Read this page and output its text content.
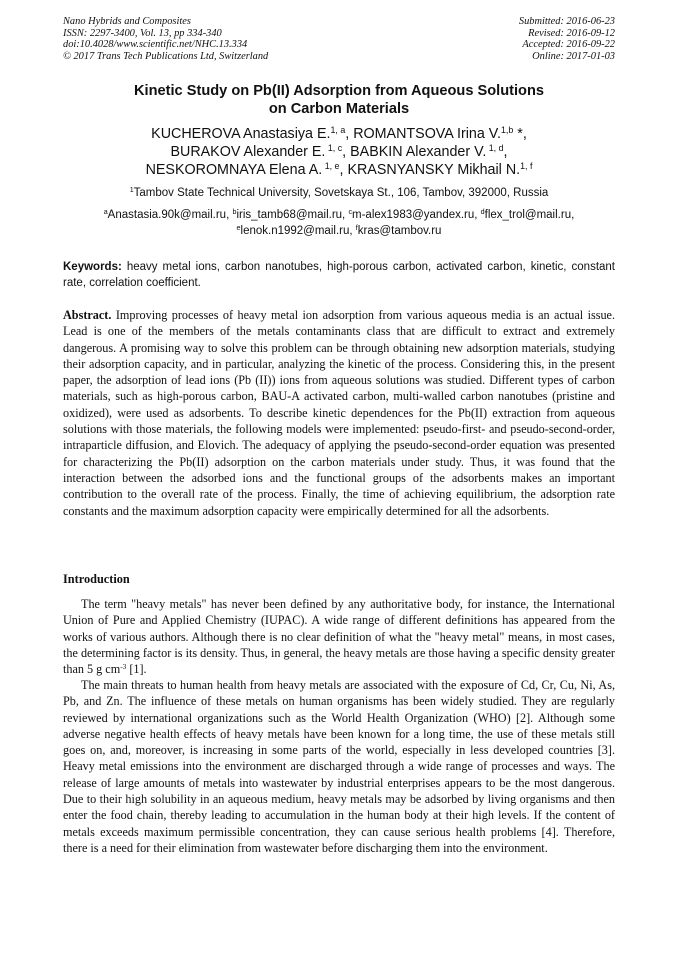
Nano Hybrids and Composites
ISSN: 2297-3400, Vol. 13, pp 334-340
doi:10.4028/www.scientific.net/NHC.13.334
© 2017 Trans Tech Publications Ltd, Switzerland
Submitted: 2016-06-23
Revised: 2016-09-12
Accepted: 2016-09-22
Online: 2017-01-03
Kinetic Study on Pb(II) Adsorption from Aqueous Solutions
on Carbon Materials
KUCHEROVA Anastasiya E.$^{1, a}$, ROMANTSOVA Irina V.$^{1,b}$ *,
BURAKOV Alexander E. $^{1, c}$, BABKIN Alexander V. $^{1, d}$,
NESKOROMNAYA Elena A. $^{1, e}$, KRASNYANSKY Mikhail N.$^{1, f}$
$^1$Tambov State Technical University, Sovetskaya St., 106, Tambov, 392000, Russia
$^a$Anastasia.90k@mail.ru, $^b$iris_tamb68@mail.ru, $^c$m-alex1983@yandex.ru, $^d$flex_trol@mail.ru,
$^e$lenok.n1992@mail.ru, $^f$kras@tambov.ru
Keywords: heavy metal ions, carbon nanotubes, high-porous carbon, activated carbon, kinetic, constant rate, correlation coefficient.
Abstract. Improving processes of heavy metal ion adsorption from various aqueous media is an actual issue. Lead is one of the members of the metals contaminants class that are difficult to extract and extremely dangerous. A promising way to solve this problem can be through obtaining new adsorption materials, studying their adsorption capacity, and in particular, analyzing the kinetic of the process. Considering this, in the present paper, the adsorption of lead ions (Pb (II)) ions from aqueous solutions was studied. Different types of carbon materials, such as high-porous carbon, BAU-A activated carbon, multi-walled carbon nanotubes (pristine and oxidized), were used as adsorbents. To describe kinetic dependences for the Pb(II) extraction from aqueous solutions with those materials, the following models were implemented: pseudo-first- and pseudo-second-order, intraparticle diffusion, and Elovich. The adequacy of applying the pseudo-second-order equation was presented for characterizing the Pb(II) adsorption on the carbon materials under study. Thus, it was found that the interaction between the adsorbed ions and the functional groups of the adsorbents makes an important contribution to the overall rate of the process. Finally, the time of achieving equilibrium, the adsorption rate constants and the maximum adsorption capacity were empirically determined for all the adsorbents.
Introduction

The term "heavy metals" has never been defined by any authoritative body, for instance, the International Union of Pure and Applied Chemistry (IUPAC). A wide range of different definitions has appeared from the works of various authors. Although there is no clear definition of what the "heavy metal" means, in most cases, the determining factor is its density. Thus, in general, the heavy metals are those having a specific density greater than 5 g $cm^{-3}$ [1].

The main threats to human health from heavy metals are associated with the exposure of Cd, Cr, Cu, Ni, As, Pb, and Zn. The influence of these metals on human organisms has been widely studied. They are regularly reviewed by international organizations such as the World Health Organization (WHO) [2]. Although some adverse negative health effects of heavy metals have been known for a long time, the use of these metals still goes on, and, moreover, is increasing in some parts of the world, especially in less developed countries [3]. Heavy metal emissions into the environment are discharged through a wide range of processes and ways. The release of large amounts of metals into wastewater by industrial enterprises appears to be the most dangerous. Due to their high solubility in an aqueous medium, heavy metals may be adsorbed by living organisms and then enter the food chain, thereby leading to accumulation in the human body at their high levels. If the content of metals exceeds maximum permissible concentration, they can cause serious health problems [4]. Therefore, there is a need for their elimination from wastewater before discharging them into the environment.
